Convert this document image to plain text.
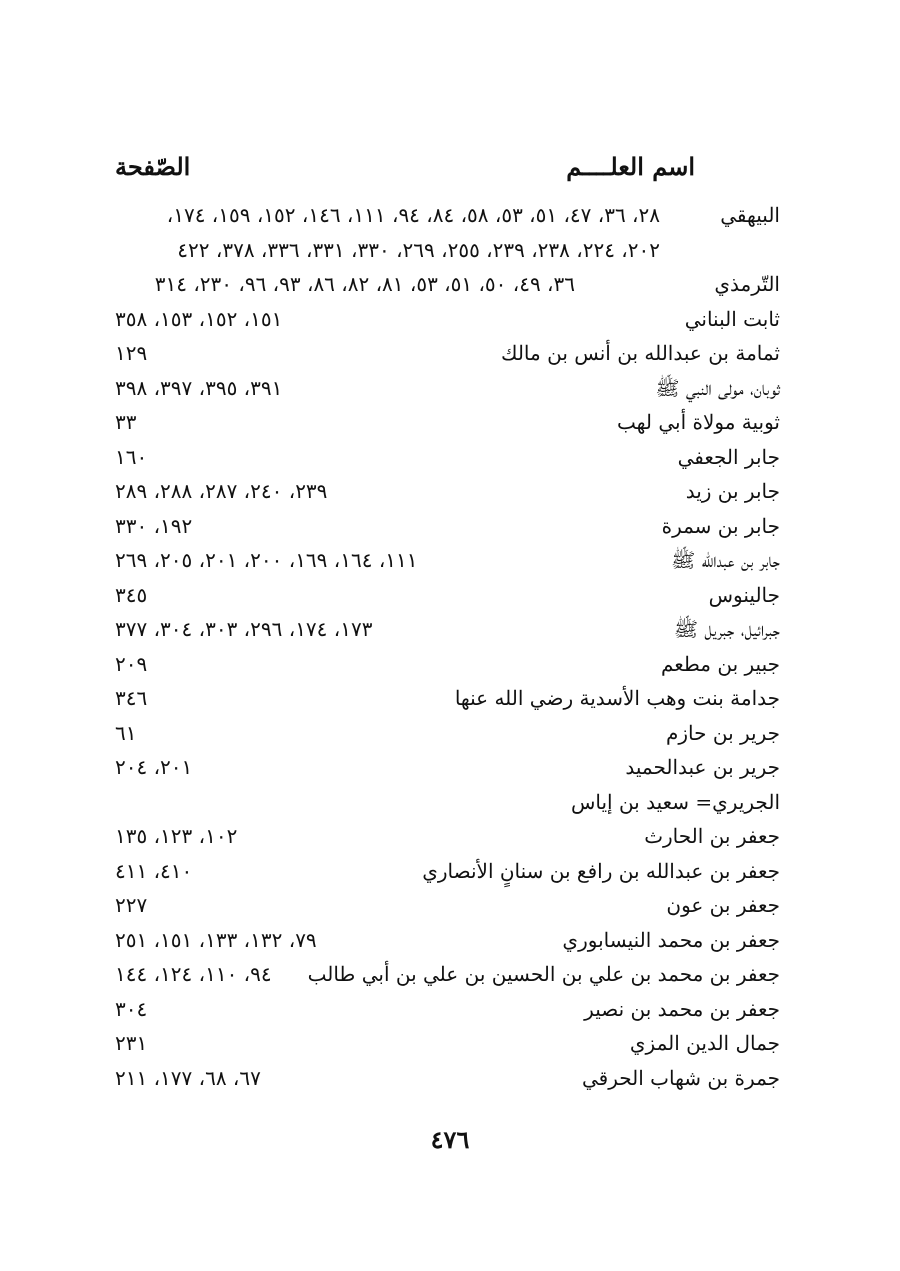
اسم العلــــم
الصّفحة
البيهقي
٢٨، ٣٦، ٤٧، ٥١، ٥٣، ٥٨، ٨٤، ٩٤، ١١١، ١٤٦، ١٥٢، ١٥٩، ١٧٤،
٢٠٢، ٢٢٤، ٢٣٨، ٢٣٩، ٢٥٥، ٢٦٩، ٣٣٠، ٣٣١، ٣٣٦، ٣٧٨، ٤٢٢
التّرمذي
٣٦، ٤٩، ٥٠، ٥١، ٥٣، ٨١، ٨٢، ٨٦، ٩٣، ٩٦، ٢٣٠، ٣١٤
ثابت البناني
١٥١، ١٥٢، ١٥٣، ٣٥٨
ثمامة بن عبدالله بن أنس بن مالك
١٢٩
ثوبان، مولى النبي ﷺ
٣٩١، ٣٩٥، ٣٩٧، ٣٩٨
ثوبية مولاة أبي لهب
٣٣
جابر الجعفي
١٦٠
جابر بن زيد
٢٣٩، ٢٤٠، ٢٨٧، ٢٨٨، ٢٨٩
جابر بن سمرة
١٩٢، ٣٣٠
جابر بن عبدالله ﷺ
١١١، ١٦٤، ١٦٩، ٢٠٠، ٢٠١، ٢٠٥، ٢٦٩
جالينوس
٣٤٥
جبرائيل، جبريل ﷺ
١٧٣، ١٧٤، ٢٩٦، ٣٠٣، ٣٠٤، ٣٧٧
جبير بن مطعم
٢٠٩
جدامة بنت وهب الأسدية رضي الله عنها
٣٤٦
جرير بن حازم
٦١
جرير بن عبدالحميد
٢٠١، ٢٠٤
الجريري= سعيد بن إياس
جعفر بن الحارث
١٠٢، ١٢٣، ١٣٥
جعفر بن عبدالله بن رافع بن سنانٍ الأنصاري
٤١٠، ٤١١
جعفر بن عون
٢٢٧
جعفر بن محمد النيسابوري
٧٩، ١٣٢، ١٣٣، ١٥١، ٢٥١
جعفر بن محمد بن علي بن الحسين بن علي بن أبي طالب
٩٤، ١١٠، ١٢٤، ١٤٤
جعفر بن محمد بن نصير
٣٠٤
جمال الدين المزي
٢٣١
جمرة بن شهاب الحرقي
٦٧، ٦٨، ١٧٧، ٢١١
٤٧٦
